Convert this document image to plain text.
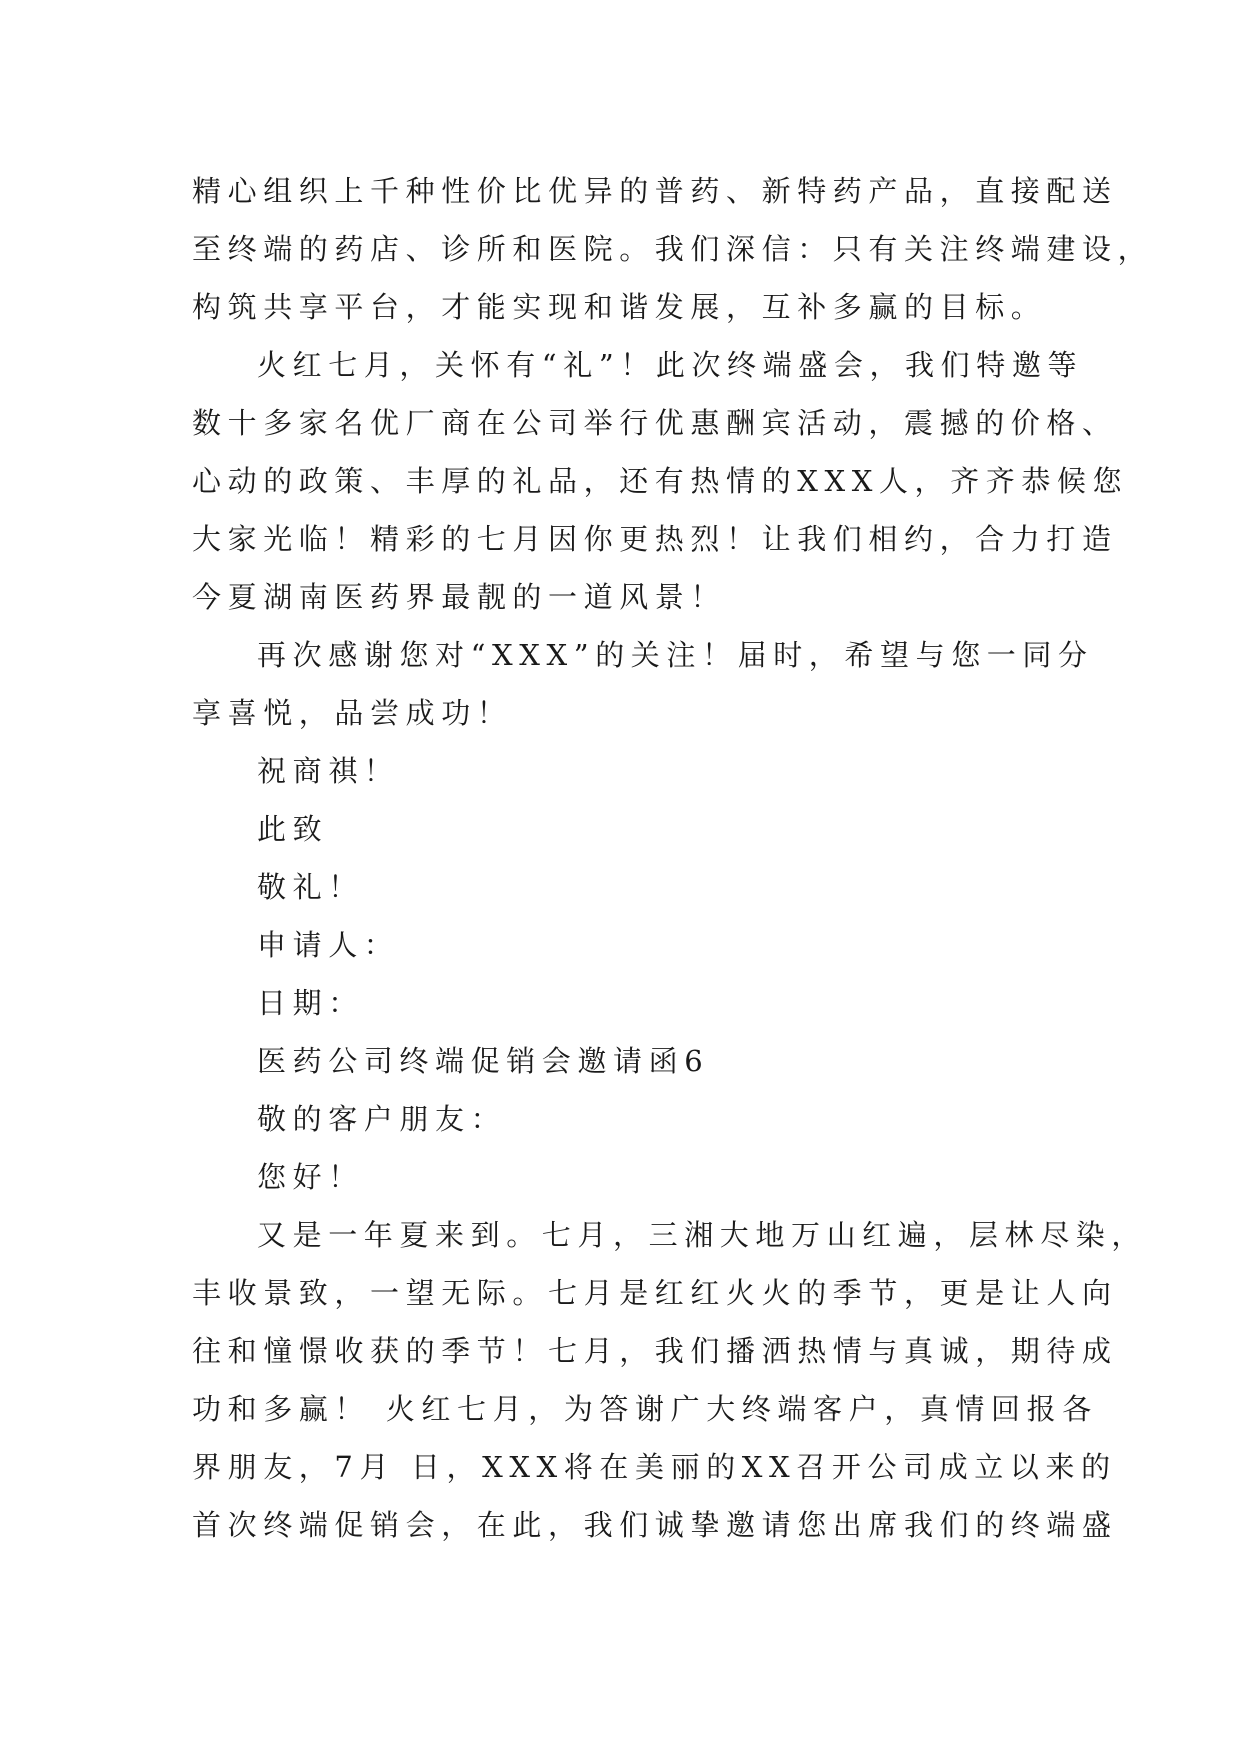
精心组织上千种性价比优异的普药、新特药产品，直接配送
至终端的药店、诊所和医院。我们深信：只有关注终端建设，
构筑共享平台，才能实现和谐发展，互补多赢的目标。
火红七月，关怀有“礼”！此次终端盛会，我们特邀等
数十多家名优厂商在公司举行优惠酬宾活动，震撼的价格、
心动的政策、丰厚的礼品，还有热情的XXX人，齐齐恭候您
大家光临！精彩的七月因你更热烈！让我们相约，合力打造
今夏湖南医药界最靓的一道风景！
再次感谢您对“XXX”的关注！届时，希望与您一同分
享喜悦，品尝成功！
祝商祺！
此致
敬礼！
申请人：
日期：
医药公司终端促销会邀请函6
敬的客户朋友：
您好！
又是一年夏来到。七月，三湘大地万山红遍，层林尽染，
丰收景致，一望无际。七月是红红火火的季节，更是让人向
往和憧憬收获的季节！七月，我们播洒热情与真诚，期待成
功和多赢！ 火红七月，为答谢广大终端客户，真情回报各
界朋友，7月 日，XXX将在美丽的XX召开公司成立以来的
首次终端促销会，在此，我们诚挚邀请您出席我们的终端盛
